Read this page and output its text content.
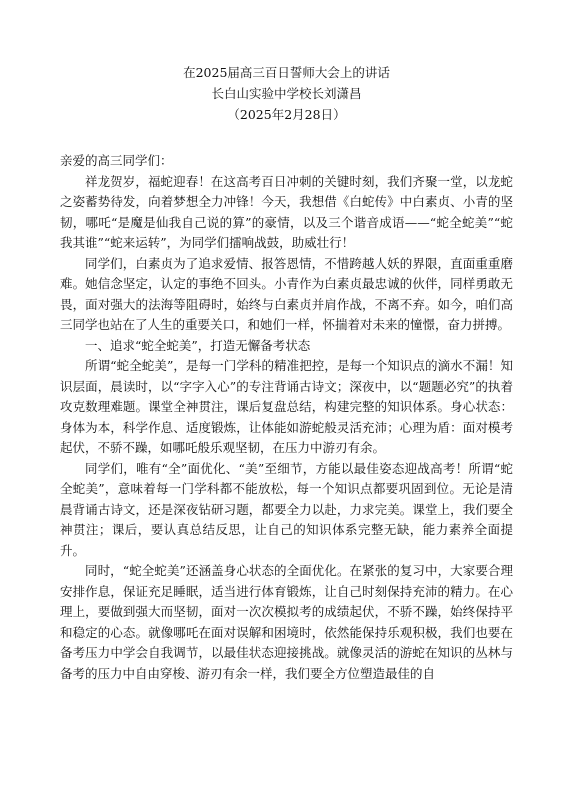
在2025届高三百日誓师大会上的讲话

长白山实验中学校长刘潇昌

（2025年2月28日）

亲爱的高三同学们：

祥龙贺岁，福蛇迎春！在这高考百日冲刺的关键时刻，我们齐聚一堂，以龙蛇之姿蓄势待发，向着梦想全力冲锋！今天，我想借《白蛇传》中白素贞、小青的坚韧，哪吒“是魔是仙我自己说的算”的豪情，以及三个谐音成语——“蛇全蛇美”“蛇我其谁”“蛇来运转”，为同学们擂响战鼓，助威壮行！

同学们，白素贞为了追求爱情、报答恩情，不惜跨越人妖的界限，直面重重磨难。她信念坚定，认定的事绝不回头。小青作为白素贞最忠诚的伙伴，同样勇敢无畏，面对强大的法海等阻碍时，始终与白素贞并肩作战，不离不弃。如今，咱们高三同学也站在了人生的重要关口，和她们一样，怀揣着对未来的憧憬，奋力拼搏。

一、追求“蛇全蛇美”，打造无懈备考状态

所谓“蛇全蛇美”，是每一门学科的精准把控，是每一个知识点的滴水不漏！知识层面，晨读时，以“字字入心”的专注背诵古诗文；深夜中，以“题题必究”的执着攻克数理难题。课堂全神贯注，课后复盘总结，构建完整的知识体系。身心状态：身体为本，科学作息、适度锻炼，让体能如游蛇般灵活充沛；心理为盾：面对模考起伏，不骄不躁，如哪吒般乐观坚韧，在压力中游刃有余。

同学们，唯有“全”面优化、“美”至细节，方能以最佳姿态迎战高考！所谓“蛇全蛇美”，意味着每一门学科都不能放松，每一个知识点都要巩固到位。无论是清晨背诵古诗文，还是深夜钻研习题，都要全力以赴，力求完美。课堂上，我们要全神贯注；课后，要认真总结反思，让自己的知识体系完整无缺，能力素养全面提升。

同时，“蛇全蛇美”还涵盖身心状态的全面优化。在紧张的复习中，大家要合理安排作息，保证充足睡眠，适当进行体育锻炼，让自己时刻保持充沛的精力。在心理上，要做到强大而坚韧，面对一次次模拟考的成绩起伏，不骄不躁，始终保持平和稳定的心态。就像哪吒在面对误解和困境时，依然能保持乐观积极，我们也要在备考压力中学会自我调节，以最佳状态迎接挑战。就像灵活的游蛇在知识的丛林与备考的压力中自由穿梭、游刃有余一样，我们要全方位塑造最佳的自
